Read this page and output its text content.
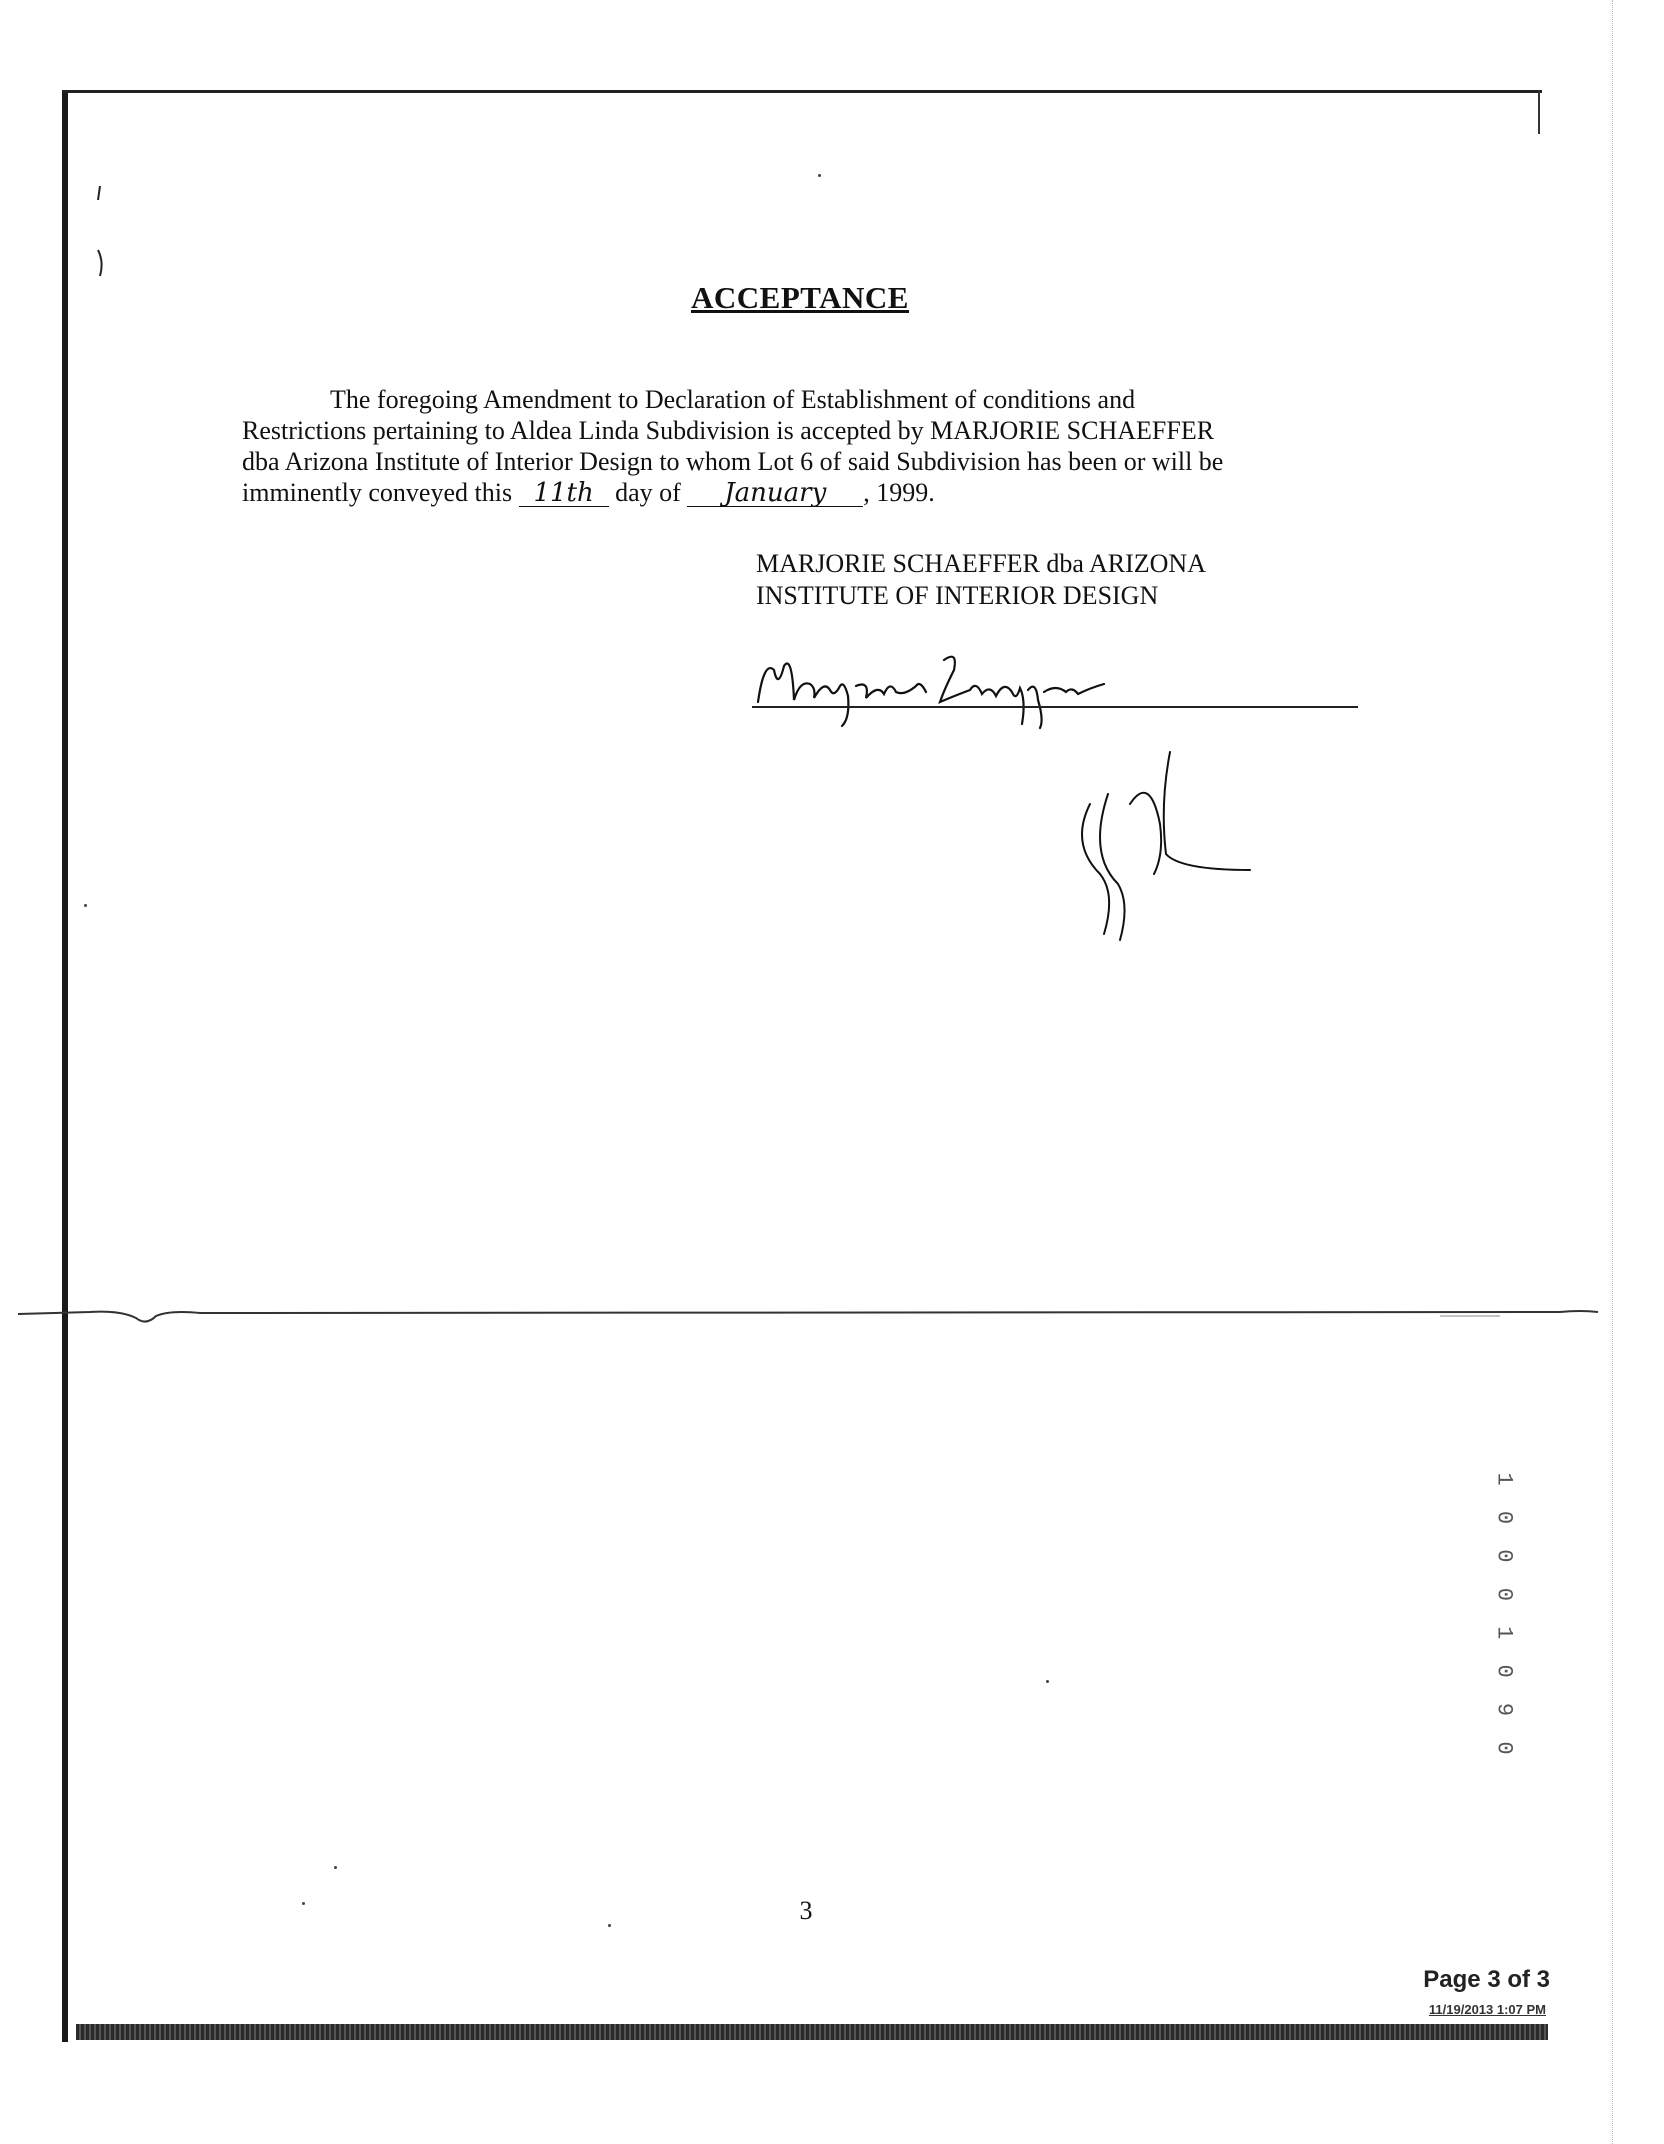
ACCEPTANCE
The foregoing Amendment to Declaration of Establishment of conditions and
Restrictions pertaining to Aldea Linda Subdivision is accepted by MARJORIE SCHAEFFER
dba Arizona Institute of Interior Design to whom Lot 6 of said Subdivision has been or will be
imminently conveyed this 11th day of January , 1999.
MARJORIE SCHAEFFER dba ARIZONA
INSTITUTE OF INTERIOR DESIGN
1 0 0 0 1 0 9 0
3
Page 3 of 3
11/19/2013 1:07 PM
